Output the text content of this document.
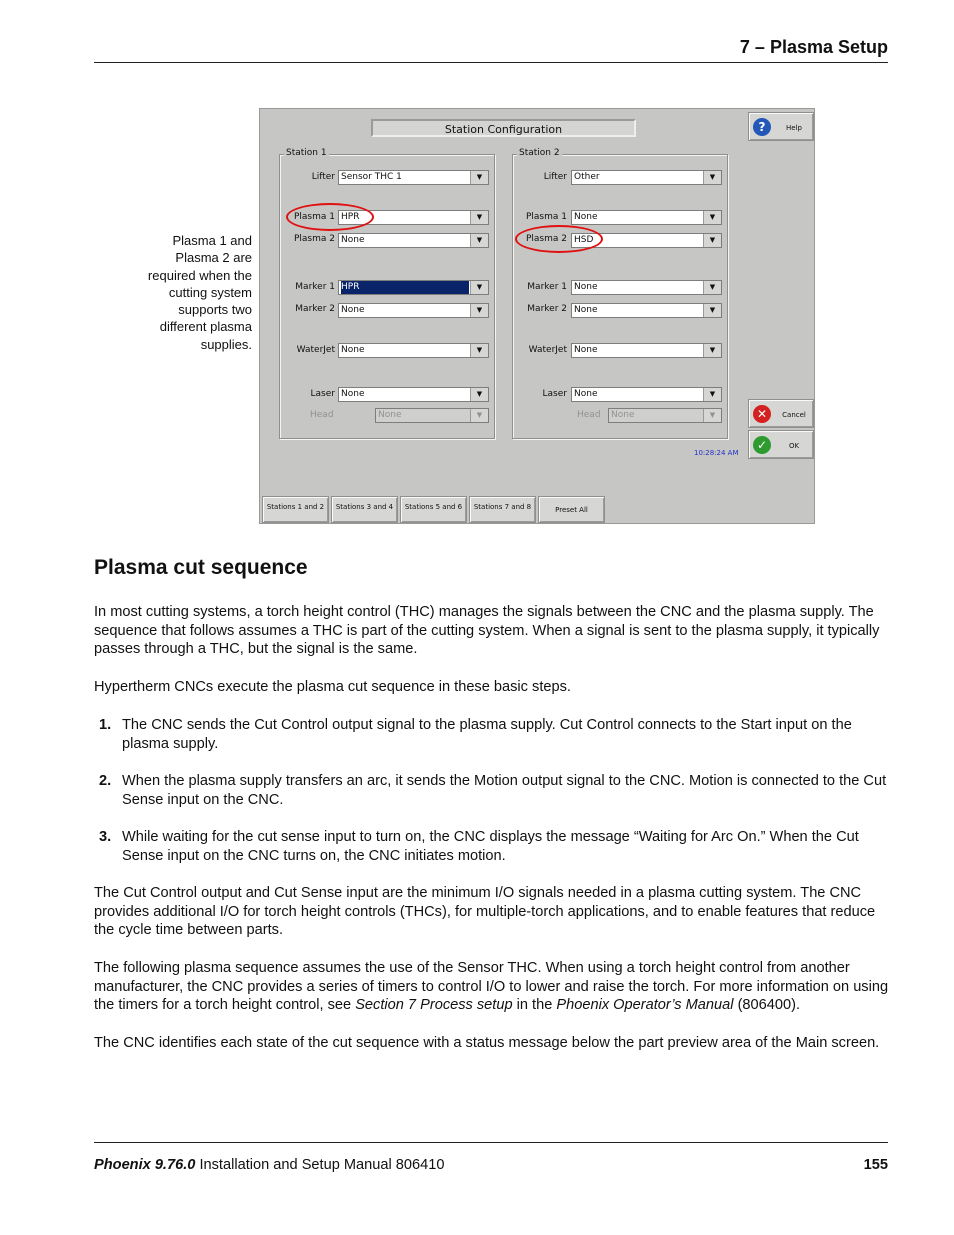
7 – Plasma Setup
Plasma 1 and Plasma 2 are required when the cutting system supports two different plasma supplies.
Station Configuration	?	Help
Station 1
Lifter Sensor THC 1	▼
Plasma 1 HPR	▼
Plasma 2 None	▼
Marker 1 HPR	▼
Marker 2 None	▼
WaterJet None	▼
Laser None	▼
Head	None	▼
Station 2
Lifter Other	▼
Plasma 1 None	▼
Plasma 2 HSD	▼
Marker 1 None	▼
Marker 2 None	▼
WaterJet None	▼
Laser None	▼
Head	None	▼	✕	Cancel
✓	OK
10:28:24 AM
Stations 1 and 2	Stations 3 and 4	Stations 5 and 6	Stations 7 and 8	Preset All
Plasma cut sequence

In most cutting systems, a torch height control (THC) manages the signals between the CNC and the plasma supply. The sequence that follows assumes a THC is part of the cutting system. When a signal is sent to the plasma supply, it typically passes through a THC, but the signal is the same.

Hypertherm CNCs execute the plasma cut sequence in these basic steps.

1. The CNC sends the Cut Control output signal to the plasma supply. Cut Control connects to the Start input on the plasma supply.
2. When the plasma supply transfers an arc, it sends the Motion output signal to the CNC. Motion is connected to the Cut Sense input on the CNC.
3. While waiting for the cut sense input to turn on, the CNC displays the message “Waiting for Arc On.” When the Cut Sense input on the CNC turns on, the CNC initiates motion.

The Cut Control output and Cut Sense input are the minimum I/O signals needed in a plasma cutting system. The CNC provides additional I/O for torch height controls (THCs), for multiple-torch applications, and to enable features that reduce the cycle time between parts.

The following plasma sequence assumes the use of the Sensor THC. When using a torch height control from another manufacturer, the CNC provides a series of timers to control I/O to lower and raise the torch. For more information on using the timers for a torch height control, see Section 7 Process setup in the Phoenix Operator’s Manual (806400).

The CNC identifies each state of the cut sequence with a status message below the part preview area of the Main screen.

Phoenix 9.76.0 Installation and Setup Manual 806410	155
